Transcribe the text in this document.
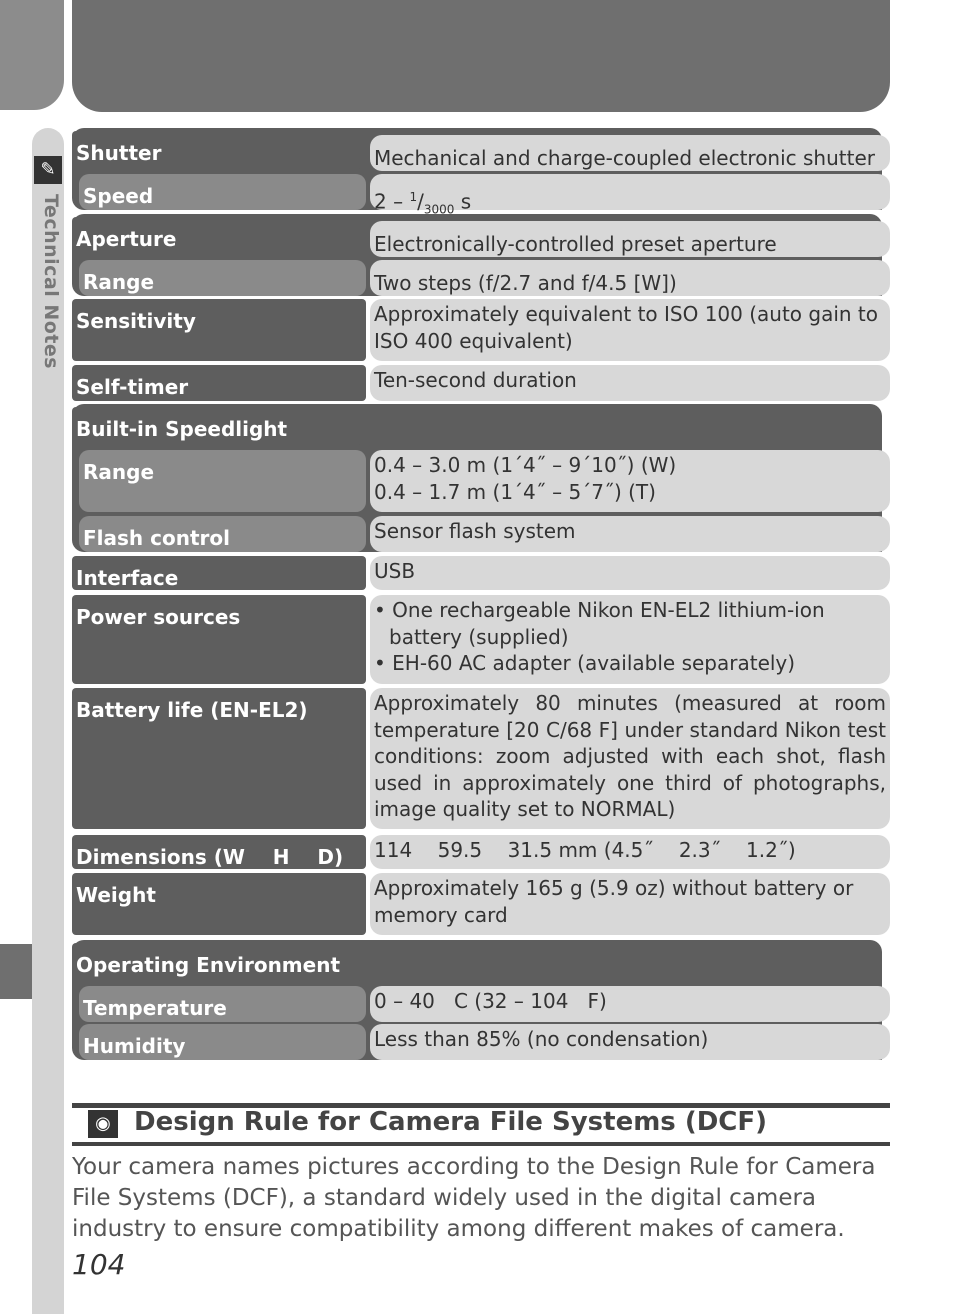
✎
Technical Notes
Shutter	Mechanical and charge-coupled electronic shutter
Speed	$2 - ^1/_{3000}$ s
Aperture	Electronically-controlled preset aperture
Range	Two steps (f/2.7 and f/4.5 [W])
Sensitivity	Approximately equivalent to ISO 100 (auto gain to ISO 400 equivalent)
Self-timer	Ten-second duration
Built-in Speedlight
Range	0.4 – 3.0 m (1´4˝ – 9´10˝) (W)
0.4 – 1.7 m (1´4˝ – 5´7˝) (T)
Flash control	Sensor flash system
Interface	USB
Power sources	• One rechargeable Nikon EN-EL2 lithium-ion battery (supplied)
• EH-60 AC adapter (available separately)
Battery life (EN-EL2)	Approximately 80 minutes (measured at room temperature [20 C/68 F] under standard Nikon test conditions: zoom adjusted with each shot, flash used in approximately one third of photographs, image quality set to NORMAL)
Dimensions (W    H    D)	114    59.5    31.5 mm (4.5˝    2.3˝    1.2˝)
Weight	Approximately 165 g (5.9 oz) without battery or memory card
Operating Environment
Temperature	0 – 40   C (32 – 104   F)
Humidity	Less than 85% (no condensation)
◉ Design Rule for Camera File Systems (DCF)
Your camera names pictures according to the Design Rule for Camera File Systems (DCF), a standard widely used in the digital camera industry to ensure compatibility among different makes of camera.
104
